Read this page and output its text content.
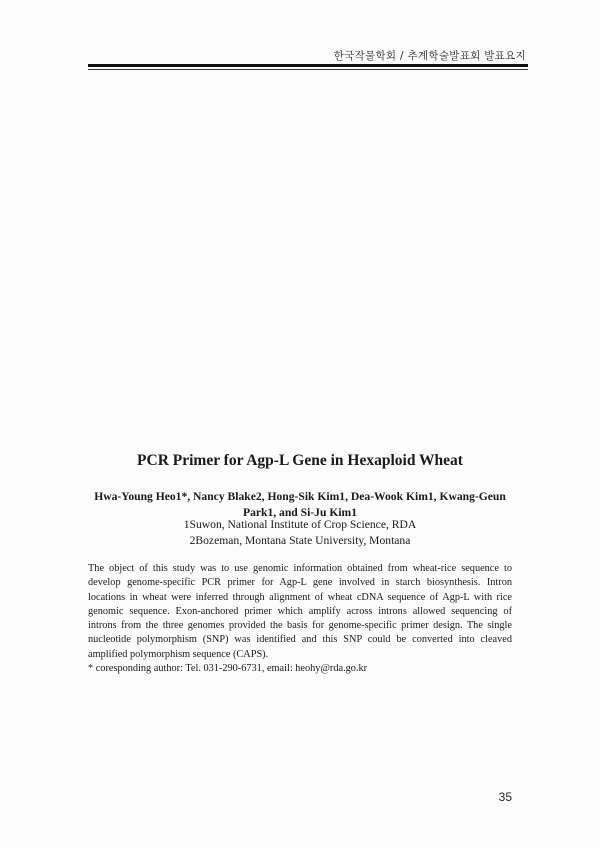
한국작물학회 / 추계학술발표회 발표요지
PCR Primer for Agp-L Gene in Hexaploid Wheat
Hwa-Young Heo1*, Nancy Blake2, Hong-Sik Kim1, Dea-Wook Kim1, Kwang-Geun
Park1, and Si-Ju Kim1
1Suwon, National Institute of Crop Science, RDA
2Bozeman, Montana State University, Montana
The object of this study was to use genomic information obtained from wheat-rice sequence to
develop genome-specific PCR primer for Agp-L gene involved in starch biosynthesis. Intron
locations in wheat were inferred through alignment of wheat cDNA sequence of Agp-L with rice
genomic sequence. Exon-anchored primer which amplify across introns allowed sequencing of
introns from the three genomes provided the basis for genome-specific primer design. The single
nucleotide polymorphism (SNP) was identified and this SNP could be converted into cleaved
amplified polymorphism sequence (CAPS).
* coresponding author: Tel. 031-290-6731, email: heohy@rda.go.kr
35
